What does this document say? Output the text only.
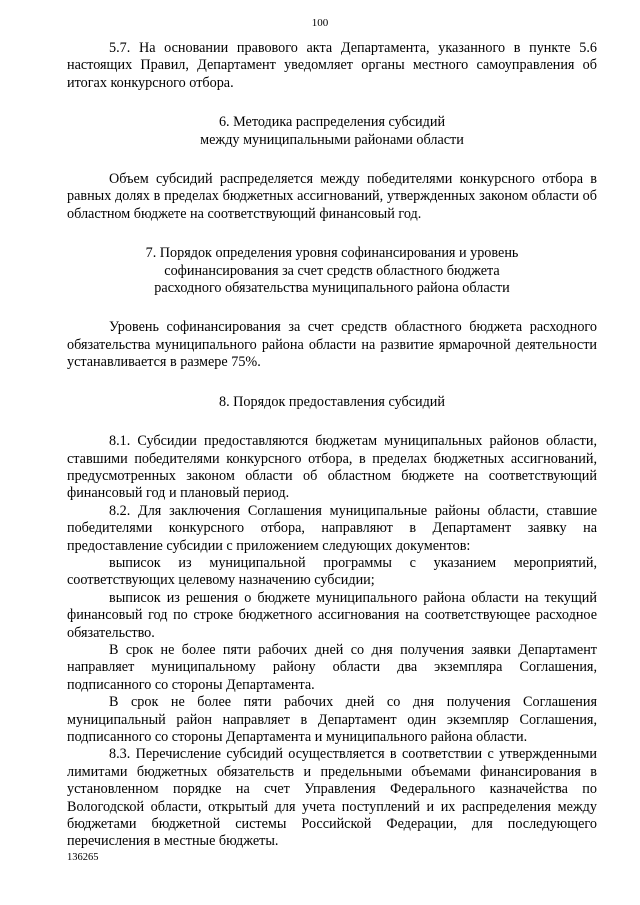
100

5.7. На основании правового акта Департамента, указанного в пункте 5.6 настоящих Правил, Департамент уведомляет органы местного самоуправления об итогах конкурсного отбора.

6. Методика распределения субсидий

между муниципальными районами области

Объем субсидий распределяется между победителями конкурсного отбора в равных долях в пределах бюджетных ассигнований, утвержденных законом области об областном бюджете на соответствующий финансовый год.

7. Порядок определения уровня софинансирования и уровень

софинансирования за счет средств областного бюджета

расходного обязательства муниципального района области

Уровень софинансирования за счет средств областного бюджета расходного обязательства муниципального района области на развитие ярмарочной деятельности устанавливается в размере 75%.

8. Порядок предоставления субсидий

8.1. Субсидии предоставляются бюджетам муниципальных районов области, ставшими победителями конкурсного отбора, в пределах бюджетных ассигнований, предусмотренных законом области об областном бюджете на соответствующий финансовый год и плановый период.

8.2. Для заключения Соглашения муниципальные районы области, ставшие победителями конкурсного отбора, направляют в Департамент заявку на предоставление субсидии с приложением следующих документов:

выписок из муниципальной программы с указанием мероприятий, соответствующих целевому назначению субсидии;

выписок из решения о бюджете муниципального района области на текущий финансовый год по строке бюджетного ассигнования на соответствующее расходное обязательство.

В срок не более пяти рабочих дней со дня получения заявки Департамент направляет муниципальному району области два экземпляра Соглашения, подписанного со стороны Департамента.

В срок не более пяти рабочих дней со дня получения Соглашения муниципальный район направляет в Департамент один экземпляр Соглашения, подписанного со стороны Департамента и муниципального района области.

8.3. Перечисление субсидий осуществляется в соответствии с утвержденными лимитами бюджетных обязательств и предельными объемами финансирования в установленном порядке на счет Управления Федерального казначейства по Вологодской области, открытый для учета поступлений и их распределения между бюджетами бюджетной системы Российской Федерации, для последующего перечисления в местные бюджеты.

136265
